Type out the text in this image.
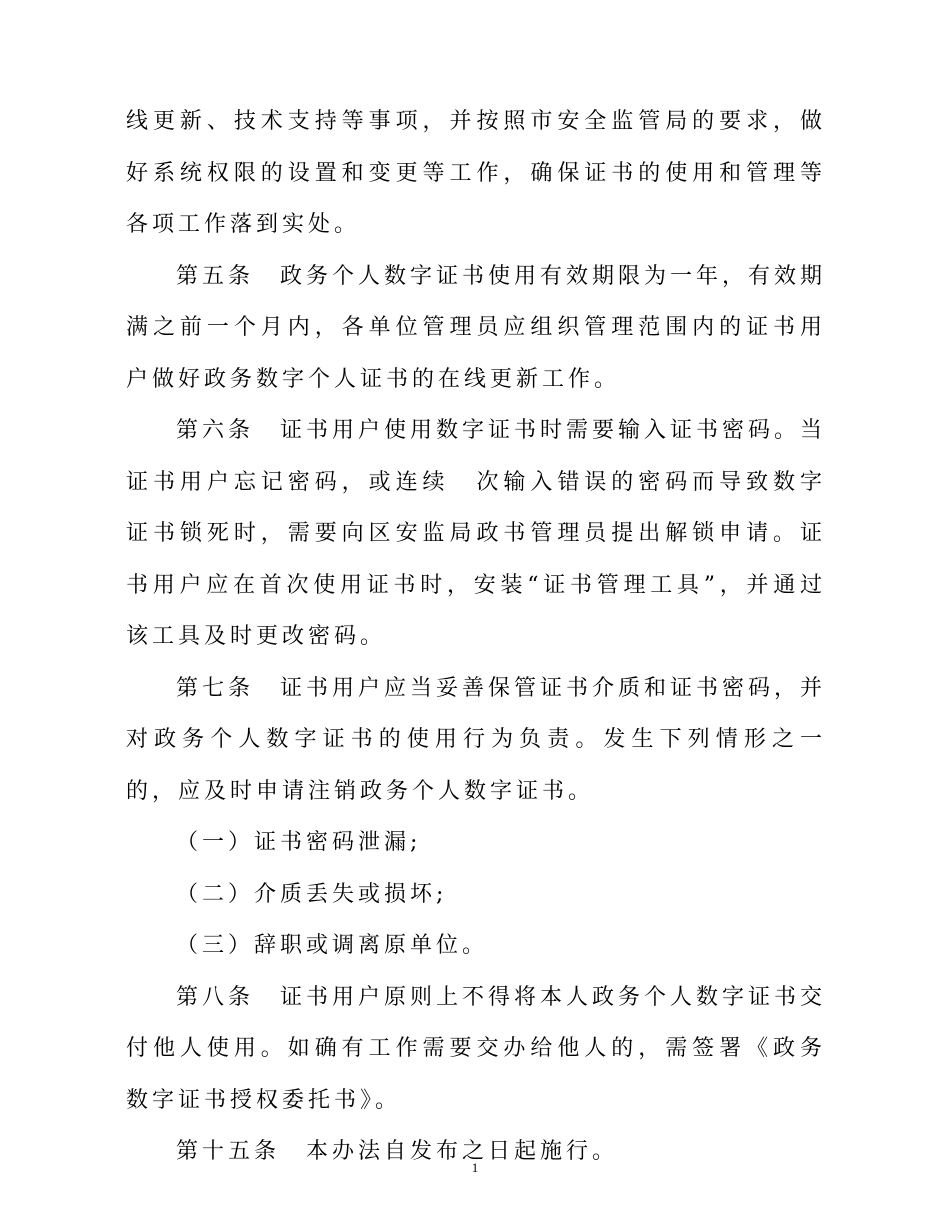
线更新、技术支持等事项，并按照市安全监管局的要求，做好系统权限的设置和变更等工作，确保证书的使用和管理等各项工作落到实处。

第五条　政务个人数字证书使用有效期限为一年，有效期满之前一个月内，各单位管理员应组织管理范围内的证书用户做好政务数字个人证书的在线更新工作。

第六条　证书用户使用数字证书时需要输入证书密码。当证书用户忘记密码，或连续　次输入错误的密码而导致数字证书锁死时，需要向区安监局政书管理员提出解锁申请。证书用户应在首次使用证书时，安装“证书管理工具”，并通过该工具及时更改密码。

第七条　证书用户应当妥善保管证书介质和证书密码，并对政务个人数字证书的使用行为负责。发生下列情形之一的，应及时申请注销政务个人数字证书。

（一）证书密码泄漏;

（二）介质丢失或损坏;

（三）辞职或调离原单位。

第八条　证书用户原则上不得将本人政务个人数字证书交付他人使用。如确有工作需要交办给他人的，需签署《政务数字证书授权委托书》。

第十五条　本办法自发布之日起施行。

1
